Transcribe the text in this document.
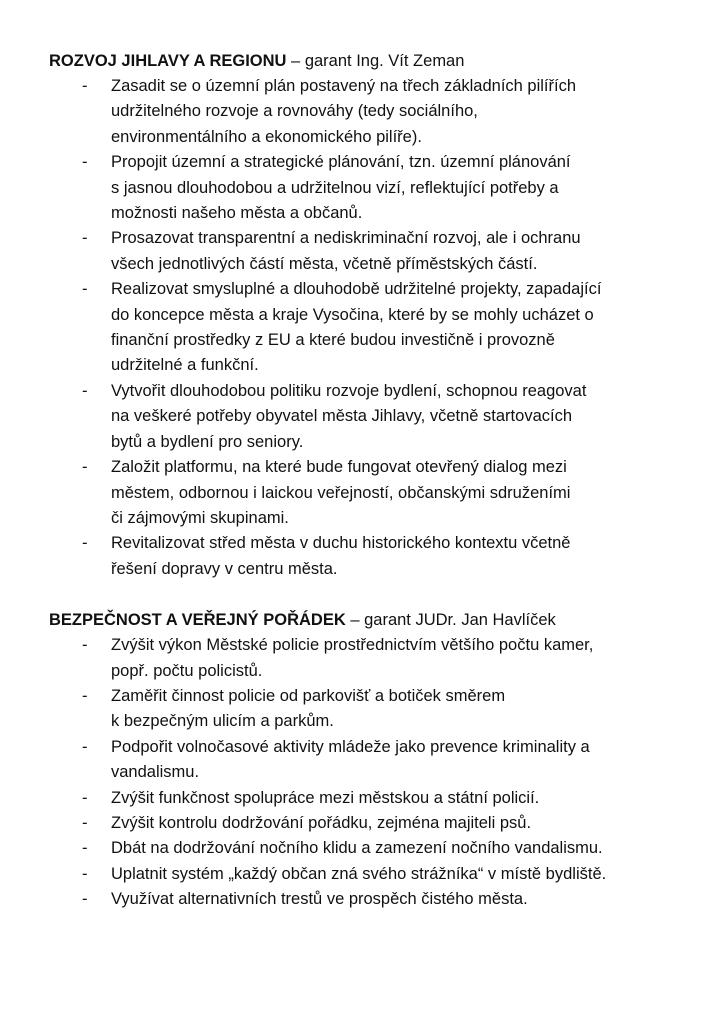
ROZVOJ JIHLAVY A REGIONU – garant Ing. Vít Zeman

- Zasadit se o územní plán postavený na třech základních pilířích
udržitelného rozvoje a rovnováhy (tedy sociálního,
environmentálního a ekonomického pilíře).
- Propojit územní a strategické plánování, tzn. územní plánování
s jasnou dlouhodobou a udržitelnou vizí, reflektující potřeby a
možnosti našeho města a občanů.
- Prosazovat transparentní a nediskriminační rozvoj, ale i ochranu
všech jednotlivých částí města, včetně příměstských částí.
- Realizovat smysluplné a dlouhodobě udržitelné projekty, zapadající
do koncepce města a kraje Vysočina, které by se mohly ucházet o
finanční prostředky z EU a které budou investičně i provozně
udržitelné a funkční.
- Vytvořit dlouhodobou politiku rozvoje bydlení, schopnou reagovat
na veškeré potřeby obyvatel města Jihlavy, včetně startovacích
bytů a bydlení pro seniory.
- Založit platformu, na které bude fungovat otevřený dialog mezi
městem, odbornou i laickou veřejností, občanskými sdruženími
či zájmovými skupinami.
- Revitalizovat střed města v duchu historického kontextu včetně
řešení dopravy v centru města.

BEZPEČNOST A VEŘEJNÝ POŘÁDEK – garant JUDr. Jan Havlíček

- Zvýšit výkon Městské policie prostřednictvím většího počtu kamer,
popř. počtu policistů.
- Zaměřit činnost policie od parkovišť a botiček směrem
k bezpečným ulicím a parkům.
- Podpořit volnočasové aktivity mládeže jako prevence kriminality a
vandalismu.
- Zvýšit funkčnost spolupráce mezi městskou a státní policií.
- Zvýšit kontrolu dodržování pořádku, zejména majiteli psů.
- Dbát na dodržování nočního klidu a zamezení nočního vandalismu.
- Uplatnit systém „každý občan zná svého strážníka“ v místě bydliště.
- Využívat alternativních trestů ve prospěch čistého města.
